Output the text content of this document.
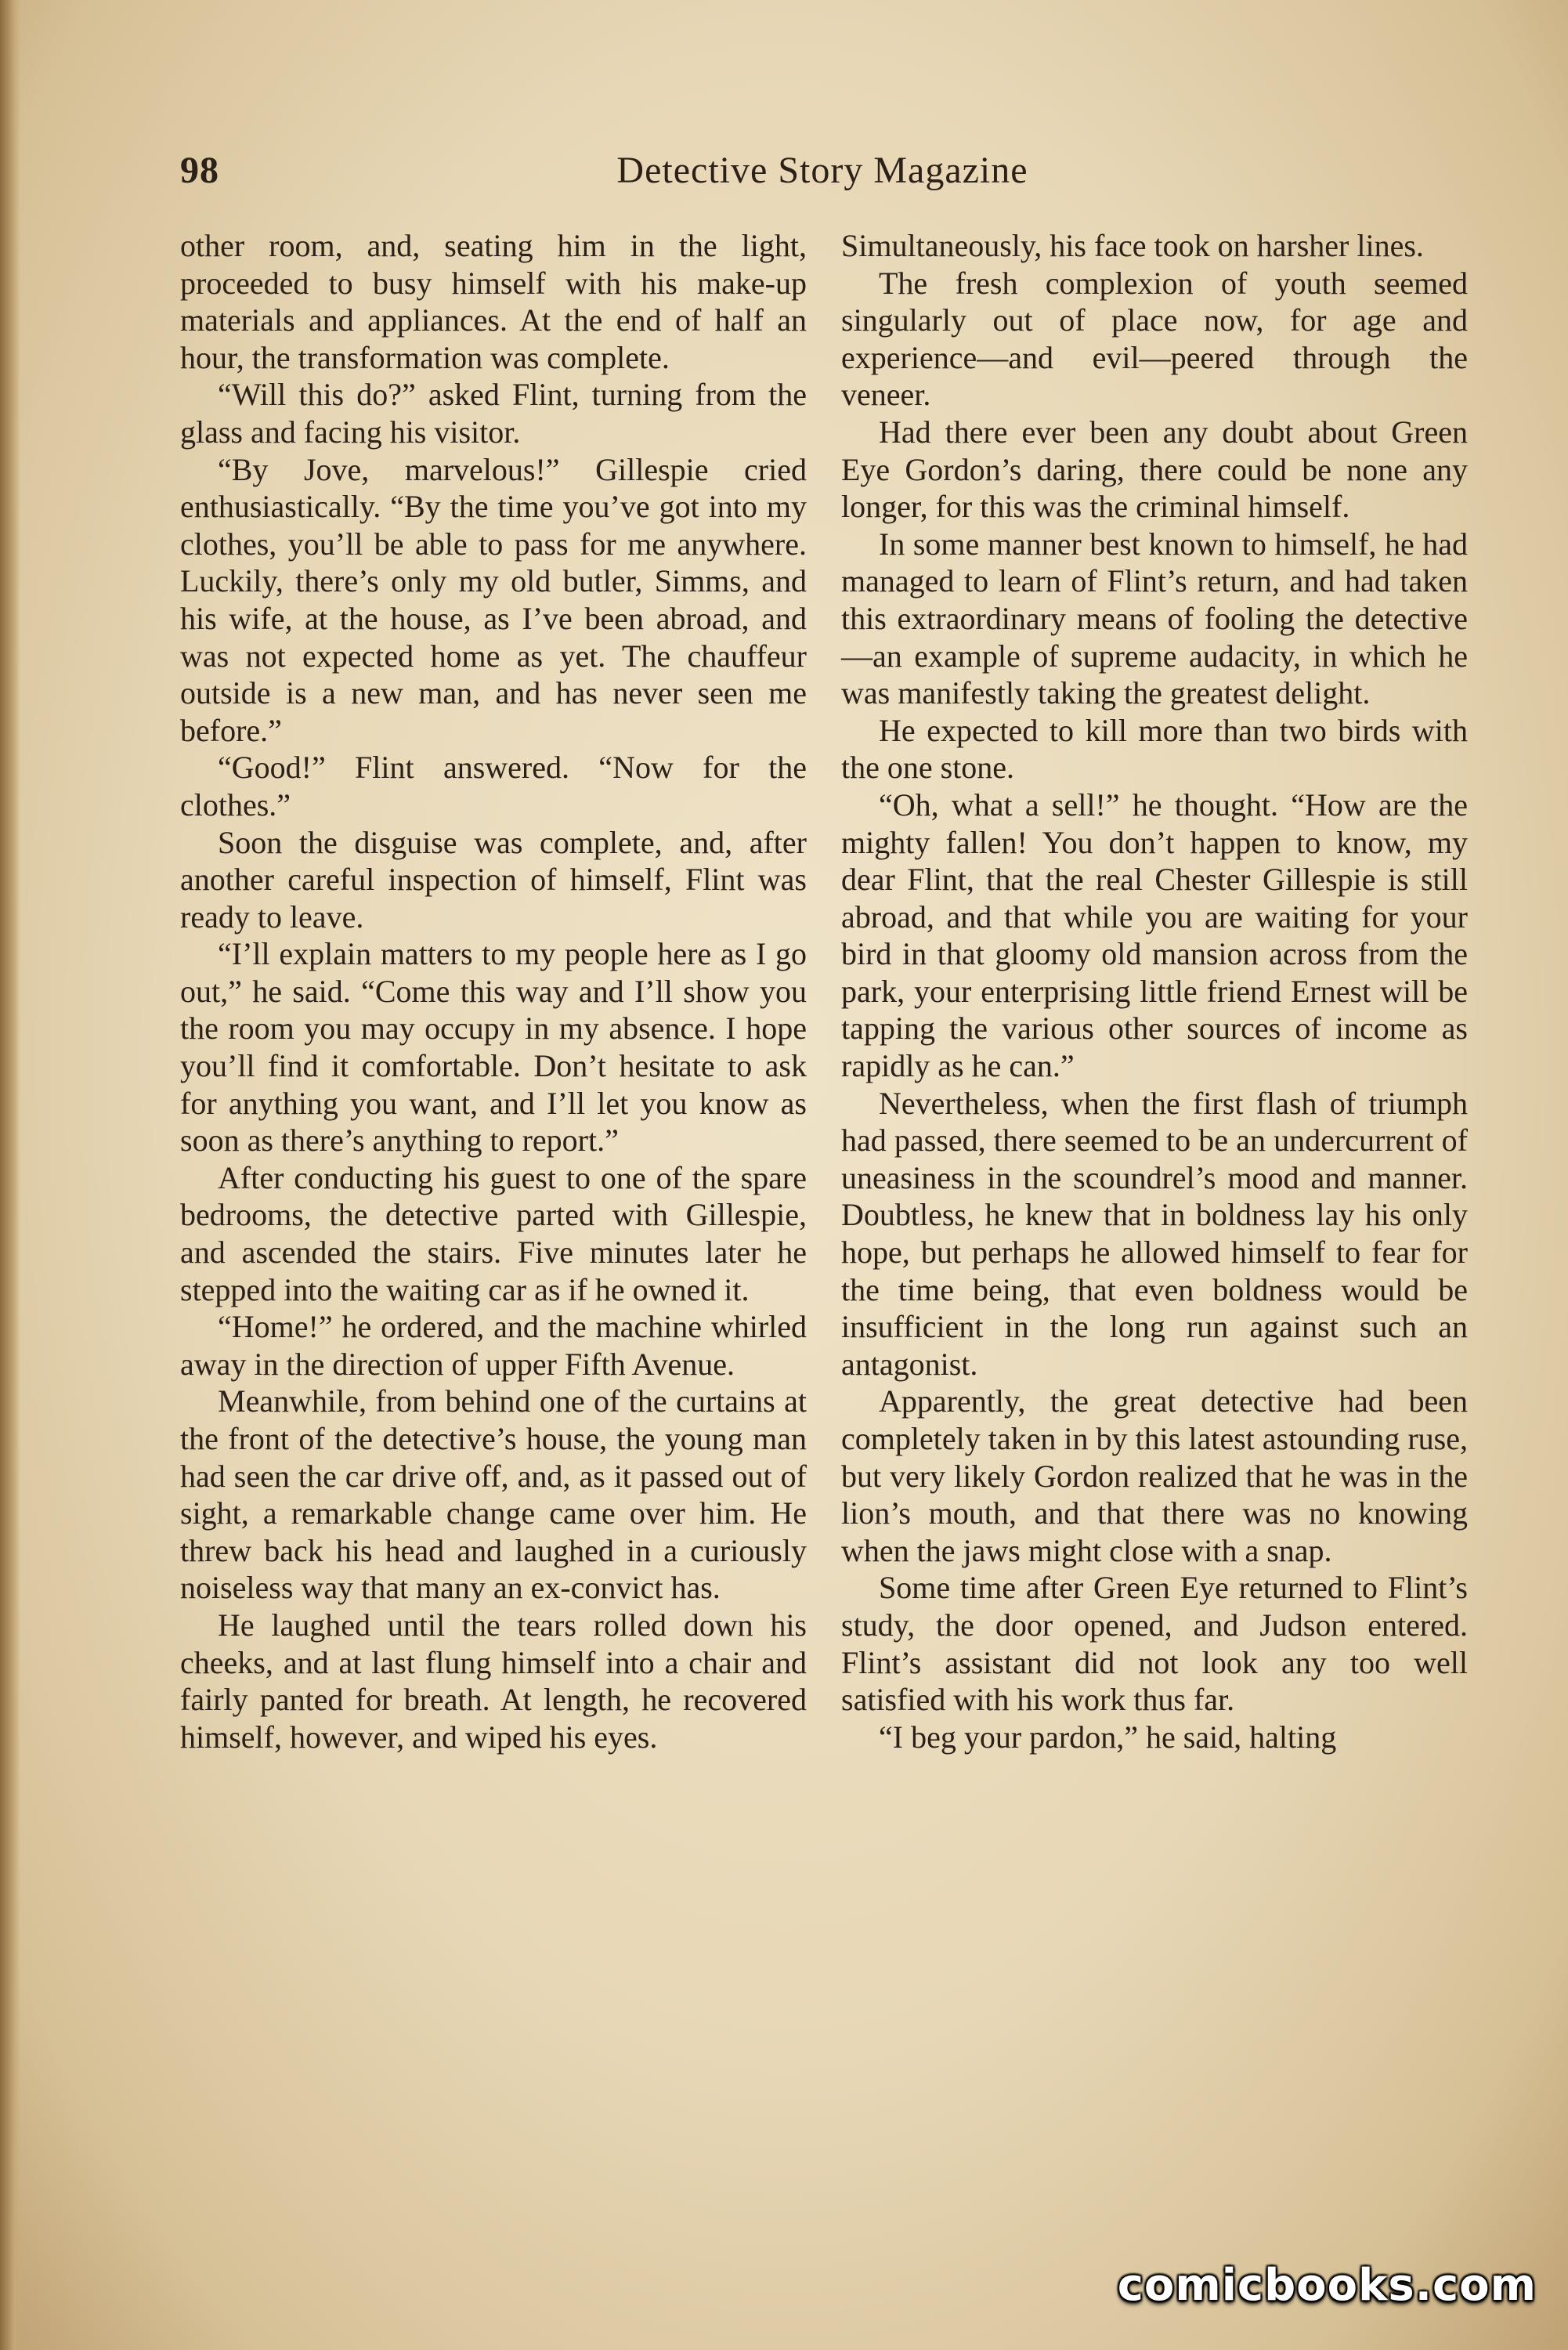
98	Detective Story Magazine

other room, and, seating him in the light, proceeded to busy himself with his make-up materials and appliances. At the end of half an hour, the transformation was complete.

“Will this do?” asked Flint, turning from the glass and facing his visitor.

“By Jove, marvelous!” Gillespie cried enthusiastically. “By the time you’ve got into my clothes, you’ll be able to pass for me anywhere. Luckily, there’s only my old butler, Simms, and his wife, at the house, as I’ve been abroad, and was not expected home as yet. The chauffeur outside is a new man, and has never seen me before.”

“Good!” Flint answered. “Now for the clothes.”

Soon the disguise was complete, and, after another careful inspection of himself, Flint was ready to leave.

“I’ll explain matters to my people here as I go out,” he said. “Come this way and I’ll show you the room you may occupy in my absence. I hope you’ll find it comfortable. Don’t hesitate to ask for anything you want, and I’ll let you know as soon as there’s anything to report.”

After conducting his guest to one of the spare bedrooms, the detective parted with Gillespie, and ascended the stairs. Five minutes later he stepped into the waiting car as if he owned it.

“Home!” he ordered, and the machine whirled away in the direction of upper Fifth Avenue.

Meanwhile, from behind one of the curtains at the front of the detective’s house, the young man had seen the car drive off, and, as it passed out of sight, a remarkable change came over him. He threw back his head and laughed in a curiously noiseless way that many an ex-convict has.

He laughed until the tears rolled down his cheeks, and at last flung himself into a chair and fairly panted for breath. At length, he recovered himself, however, and wiped his eyes.

Simultaneously, his face took on harsher lines.

The fresh complexion of youth seemed singularly out of place now, for age and experience—and evil—peered through the veneer.

Had there ever been any doubt about Green Eye Gordon’s daring, there could be none any longer, for this was the criminal himself.

In some manner best known to himself, he had managed to learn of Flint’s return, and had taken this extraordinary means of fooling the detective—an example of supreme audacity, in which he was manifestly taking the greatest delight.

He expected to kill more than two birds with the one stone.

“Oh, what a sell!” he thought. “How are the mighty fallen! You don’t happen to know, my dear Flint, that the real Chester Gillespie is still abroad, and that while you are waiting for your bird in that gloomy old mansion across from the park, your enterprising little friend Ernest will be tapping the various other sources of income as rapidly as he can.”

Nevertheless, when the first flash of triumph had passed, there seemed to be an undercurrent of uneasiness in the scoundrel’s mood and manner. Doubtless, he knew that in boldness lay his only hope, but perhaps he allowed himself to fear for the time being, that even boldness would be insufficient in the long run against such an antagonist.

Apparently, the great detective had been completely taken in by this latest astounding ruse, but very likely Gordon realized that he was in the lion’s mouth, and that there was no knowing when the jaws might close with a snap.

Some time after Green Eye returned to Flint’s study, the door opened, and Judson entered. Flint’s assistant did not look any too well satisfied with his work thus far.

“I beg your pardon,” he said, halting

comicbooks.com
